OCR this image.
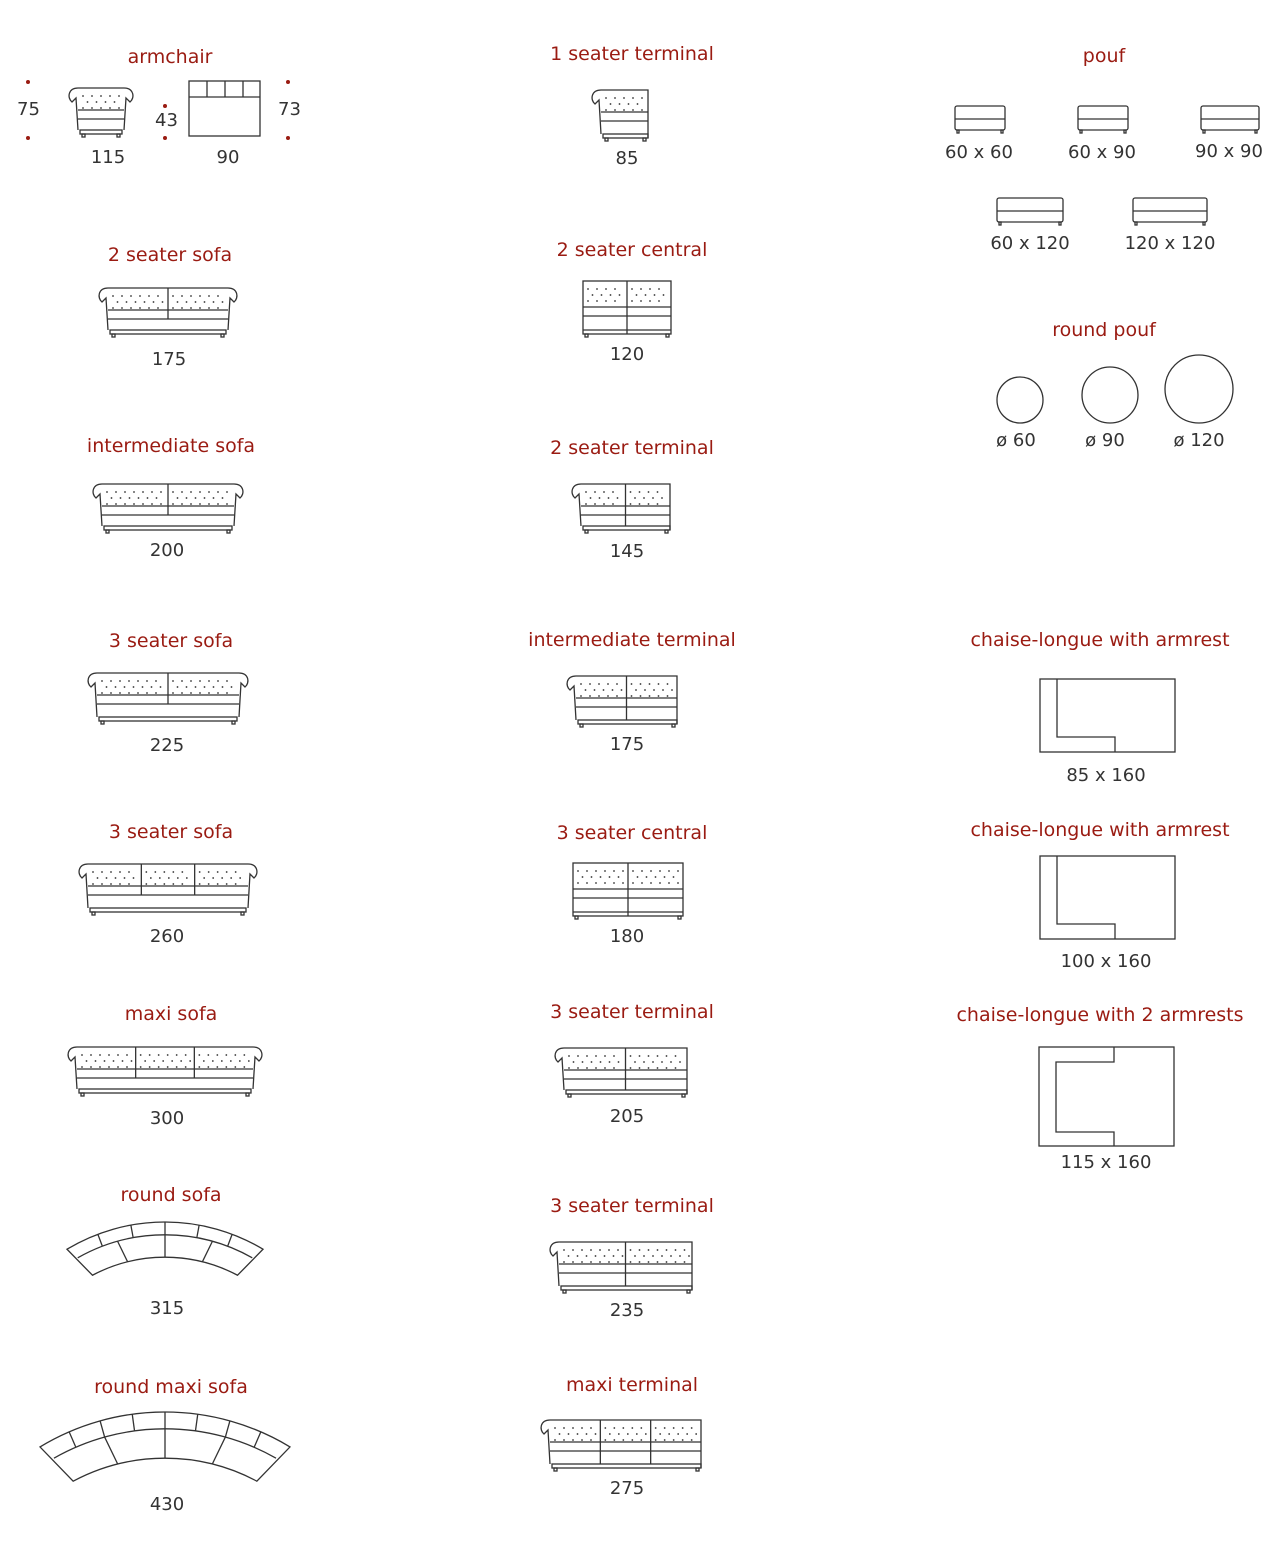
armchair
75
43
73
115	90
2 seater sofa
175
intermediate sofa
200
3 seater sofa
225
3 seater sofa
260
maxi sofa
300
round sofa
315
round maxi sofa
430
1 seater terminal
85
2 seater central
120
2 seater terminal
145
intermediate terminal
175
3 seater central
180
3 seater terminal
205
3 seater terminal
235
maxi terminal
275
pouf
60 x 60	60 x 90	90 x 90
60 x 120	120 x 120
round pouf
ø 60	ø 90	ø 120
chaise-longue with armrest
85 x 160
chaise-longue with armrest
100 x 160
chaise-longue with 2 armrests
115 x 160
